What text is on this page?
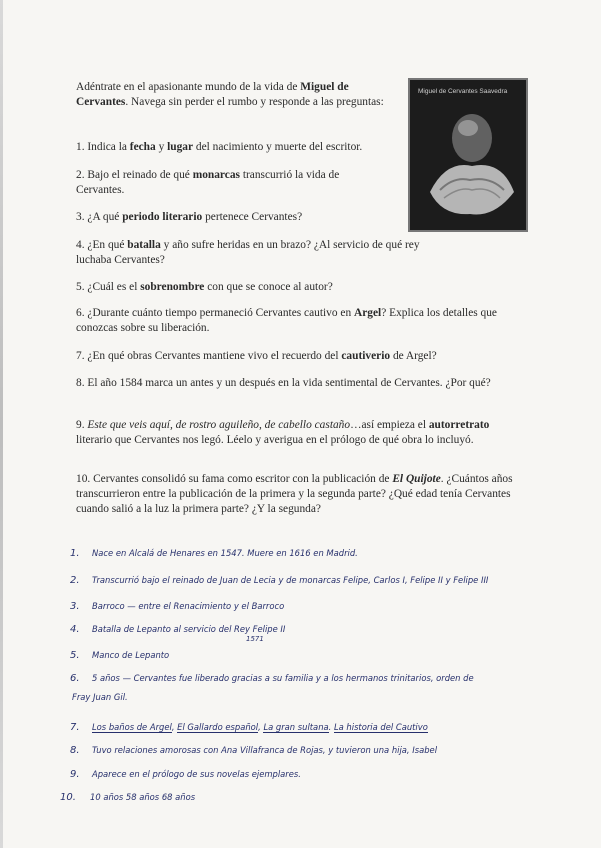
Adéntrate en el apasionante mundo de la vida de Miguel de Cervantes. Navega sin perder el rumbo y responde a las preguntas:
Miguel de Cervantes Saavedra
1. Indica la fecha y lugar del nacimiento y muerte del escritor.
2. Bajo el reinado de qué monarcas transcurrió la vida de Cervantes.
3. ¿A qué periodo literario pertenece Cervantes?
4. ¿En qué batalla y año sufre heridas en un brazo? ¿Al servicio de qué rey luchaba Cervantes?
5. ¿Cuál es el sobrenombre con que se conoce al autor?
6. ¿Durante cuánto tiempo permaneció Cervantes cautivo en Argel? Explica los detalles que conozcas sobre su liberación.
7. ¿En qué obras Cervantes mantiene vivo el recuerdo del cautiverio de Argel?
8. El año 1584 marca un antes y un después en la vida sentimental de Cervantes. ¿Por qué?
9. Este que veis aquí, de rostro aguileño, de cabello castaño…así empieza el autorretrato literario que Cervantes nos legó. Léelo y averigua en el prólogo de qué obra lo incluyó.
10. Cervantes consolidó su fama como escritor con la publicación de El Quijote. ¿Cuántos años transcurrieron entre la publicación de la primera y la segunda parte? ¿Qué edad tenía Cervantes cuando salió a la luz la primera parte? ¿Y la segunda?
1. Nace en Alcalá de Henares en 1547. Muere en 1616 en Madrid.
2. Transcurrió bajo el reinado de Juan de Lecia y de monarcas Felipe, Carlos I, Felipe II y Felipe III
3. Barroco — entre el Renacimiento y el Barroco
4. Batalla de Lepanto al servicio del Rey Felipe II
1571
5. Manco de Lepanto
6. 5 años — Cervantes fue liberado gracias a su familia y a los hermanos trinitarios, orden de
Fray Juan Gil.
7. Los baños de Argel, El Gallardo español, La gran sultana. La historia del Cautivo
8. Tuvo relaciones amorosas con Ana Villafranca de Rojas, y tuvieron una hija, Isabel
9. Aparece en el prólogo de sus novelas ejemplares.
10. 10 años 58 años 68 años
